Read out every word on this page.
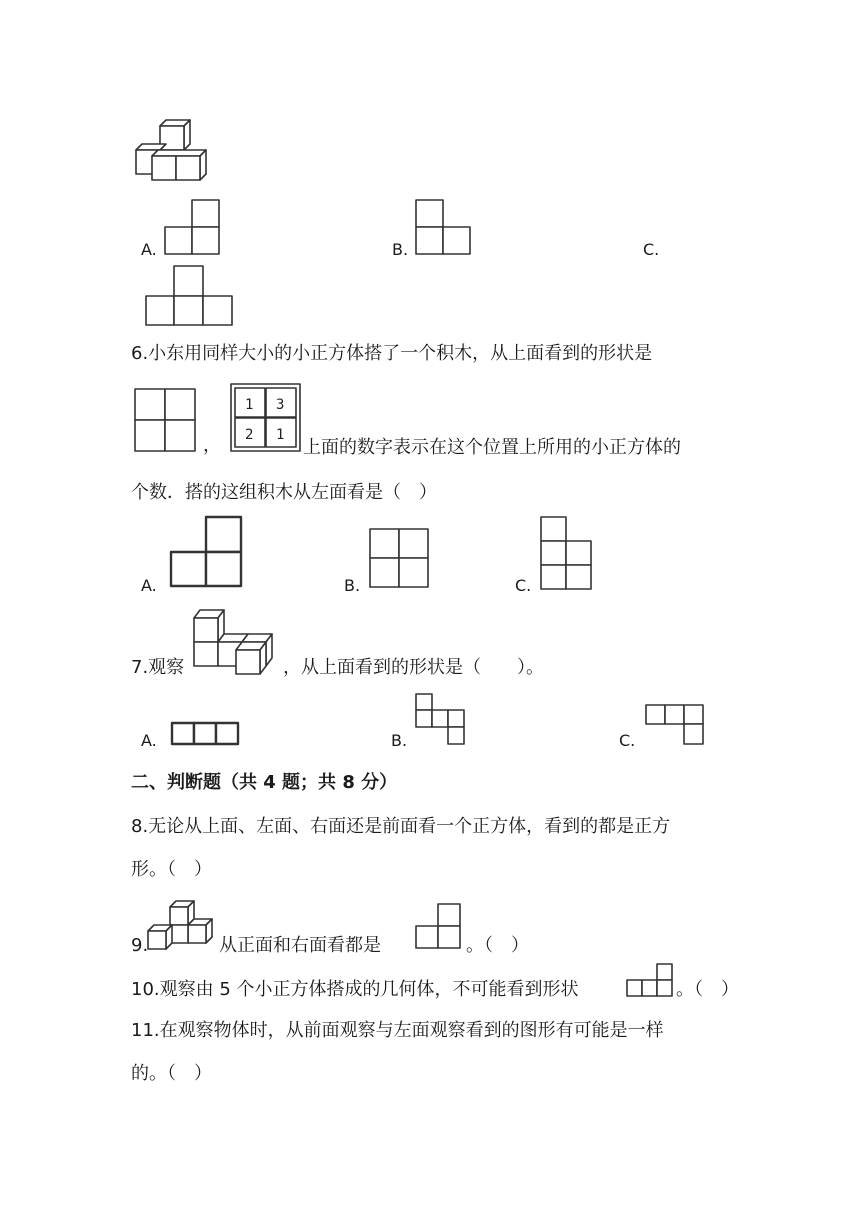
A.	B.	C.
6.小东用同样大小的小正方体搭了一个积木，从上面看到的形状是
，
1 3
2 1
上面的数字表示在这个位置上所用的小正方体的
个数．搭的这组积木从左面看是（　）
A.	B.	C.
7.观察	，从上面看到的形状是（　　）。
A.	B.	C.
二、判断题（共 4 题；共 8 分）
8.无论从上面、左面、右面还是前面看一个正方体，看到的都是正方
形。（　）
9.	从正面和右面看都是	。（　）
10.观察由 5 个小正方体搭成的几何体，不可能看到形状	。（　）
11.在观察物体时，从前面观察与左面观察看到的图形有可能是一样
的。（　）
